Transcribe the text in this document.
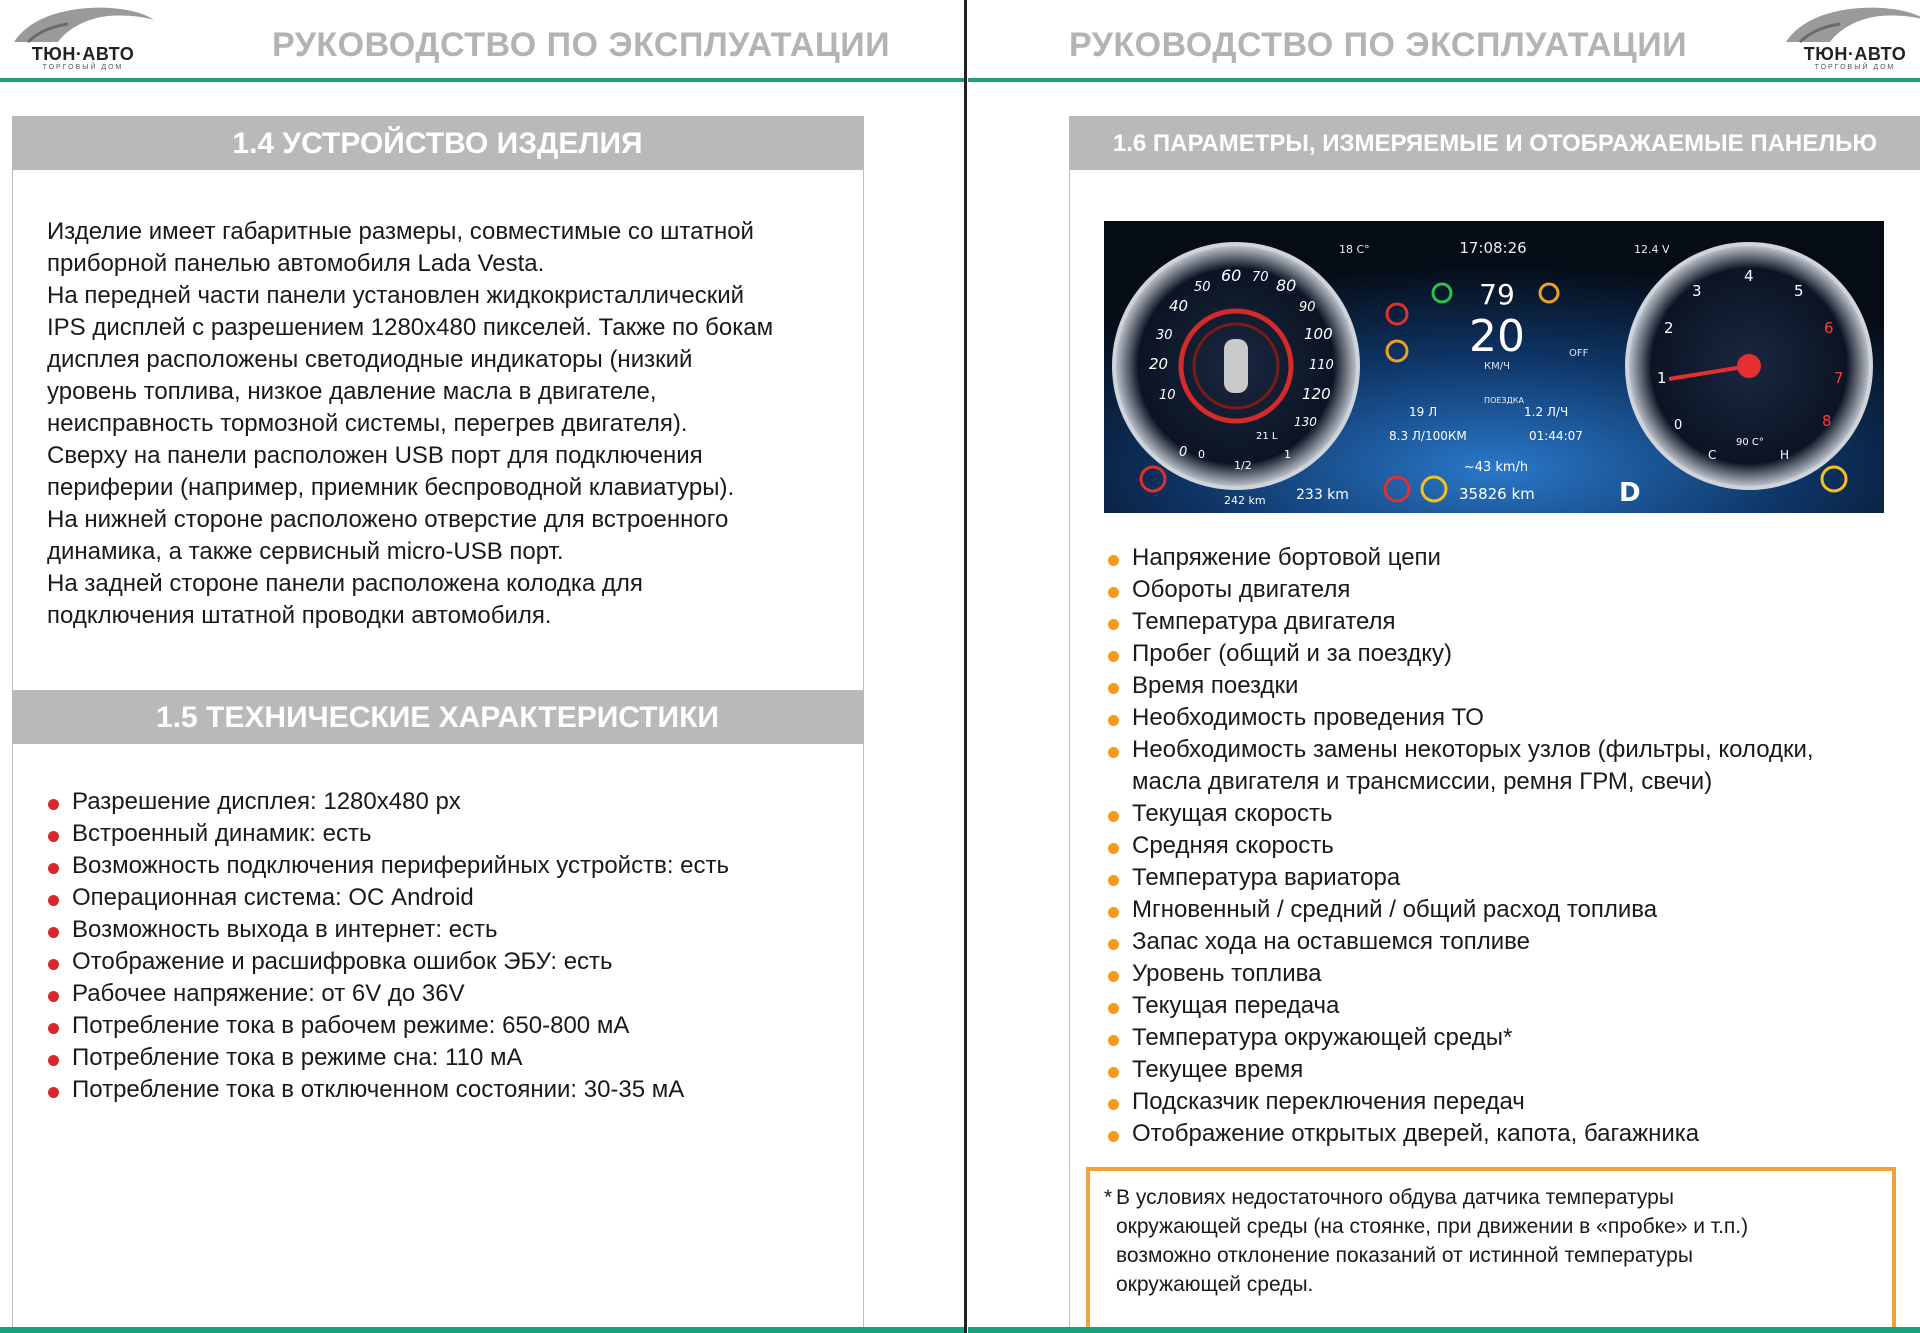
ТЮН·АВТО
ТОРГОВЫЙ ДОМ
РУКОВОДСТВО ПО ЭКСПЛУАТАЦИИ
1.4 УСТРОЙСТВО ИЗДЕЛИЯ

Изделие имеет габаритные размеры, совместимые со штатной

приборной панелью автомобиля Lada Vesta.

На передней части панели установлен жидкокристаллический

IPS дисплей с разрешением 1280x480 пикселей. Также по бокам

дисплея расположены светодиодные индикаторы (низкий

уровень топлива, низкое давление масла в двигателе,

неисправность тормозной системы, перегрев двигателя).

Сверху на панели расположен USB порт для подключения

периферии (например, приемник беспроводной клавиатуры).

На нижней стороне расположено отверстие для встроенного

динамика, а также сервисный micro-USB порт.

На задней стороне панели расположена колодка для

подключения штатной проводки автомобиля.

1.5 ТЕХНИЧЕСКИЕ ХАРАКТЕРИСТИКИ
Разрешение дисплея: 1280x480 px
Встроенный динамик: есть
Возможность подключения периферийных устройств: есть
Операционная система: ОС Android
Возможность выхода в интернет: есть
Отображение и расшифровка ошибок ЭБУ: есть
Рабочее напряжение: от 6V до 36V
Потребление тока в рабочем режиме: 650-800 мА
Потребление тока в режиме сна: 110 мА
Потребление тока в отключенном состоянии: 30-35 мА
РУКОВОДСТВО ПО ЭКСПЛУАТАЦИИ	ТЮН·АВТО
ТОРГОВЫЙ ДОМ
1.6 ПАРАМЕТРЫ, ИЗМЕРЯЕМЫЕ И ОТОБРАЖАЕМЫЕ ПАНЕЛЬЮ
17:08:26
18 C°	12.4 V
79
20
КМ/Ч
OFF
ПОЕЗДКА
19 Л	1.2 Л/Ч
8.3 Л/100КМ	01:44:07
~43 km/h
1/2
21 L
242 km 233 km	35826 km	D
90 C°
0
10
20
30
40
50
60 70 80
90
100
110
120
130	0
1
2
3
4
5
6
7
8
C	H
0	1
Напряжение бортовой цепи
Обороты двигателя
Температура двигателя
Пробег (общий и за поездку)
Время поездки
Необходимость проведения ТО
Необходимость замены некоторых узлов (фильтры, колодки,
масла двигателя и трансмиссии, ремня ГРМ, свечи)
Текущая скорость
Средняя скорость
Температура вариатора
Мгновенный / средний / общий расход топлива
Запас хода на оставшемся топливе
Уровень топлива
Текущая передача
Температура окружающей среды*
Текущее время
Подсказчик переключения передач
Отображение открытых дверей, капота, багажника
* В условиях недостаточного обдува датчика температуры
окружающей среды (на стоянке, при движении в «пробке» и т.п.)
возможно отклонение показаний от истинной температуры
окружающей среды.
